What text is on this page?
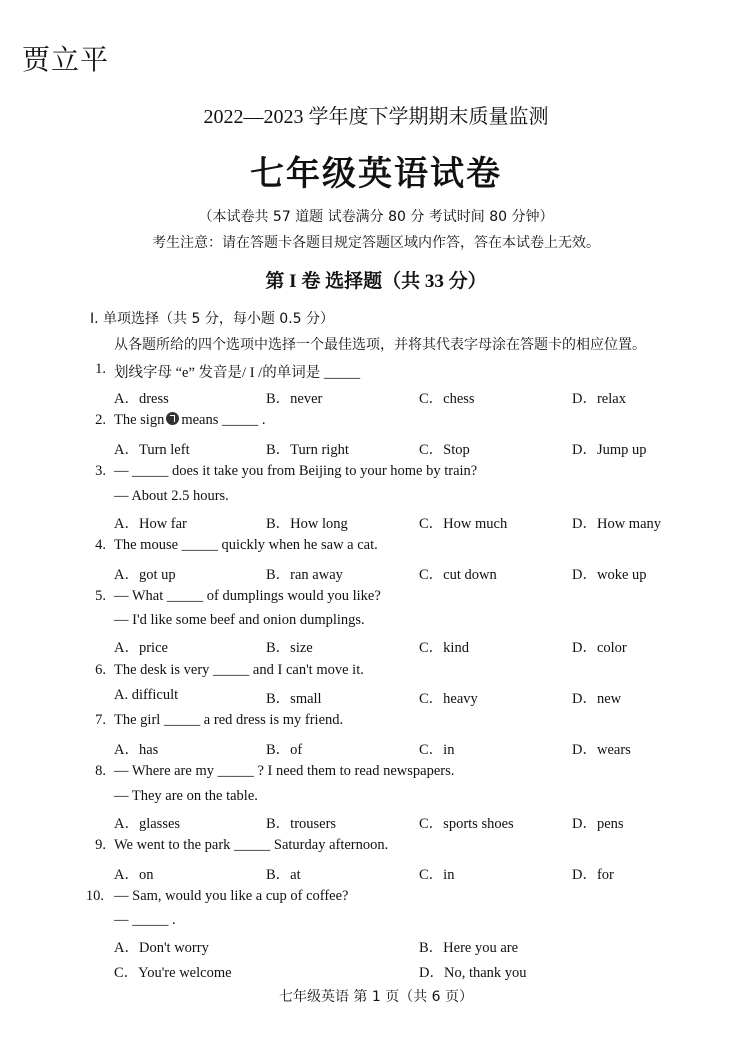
贾立平
2022—2023 学年度下学期期末质量监测
七年级英语试卷
（本试卷共 57 道题 试卷满分 80 分 考试时间 80 分钟）
考生注意：请在答题卡各题目规定答题区域内作答，答在本试卷上无效。
第 I 卷 选择题（共 33 分）
I. 单项选择（共 5 分，每小题 0.5 分）
从各题所给的四个选项中选择一个最佳选项，并将其代表字母涂在答题卡的相应位置。
1. 划线字母 “e” 发音是/ I /的单词是 _____
A．dress	B．never	C．chess	D．relax
2. The sign means _____ .
A．Turn left	B．Turn right	C．Stop	D．Jump up
3. — _____ does it take you from Beijing to your home by train?
— About 2.5 hours.
A．How far	B．How long	C．How much	D．How many
4. The mouse _____ quickly when he saw a cat.
A．got up	B．ran away	C．cut down	D．woke up
5. — What _____ of dumplings would you like?
— I'd like some beef and onion dumplings.
A．price	B．size	C．kind	D．color
6. The desk is very _____ and I can't move it.
A. difficult	B．small	C．heavy	D．new
7. The girl _____ a red dress is my friend.
A．has	B．of	C．in	D．wears
8. — Where are my _____ ? I need them to read newspapers.
— They are on the table.
A．glasses	B．trousers	C．sports shoes	D．pens
9. We went to the park _____ Saturday afternoon.
A．on	B．at	C．in	D．for
10. — Sam, would you like a cup of coffee?
— _____ .
A．Don't worry	B．Here you are
C．You're welcome	D．No, thank you
七年级英语 第 1 页（共 6 页）
